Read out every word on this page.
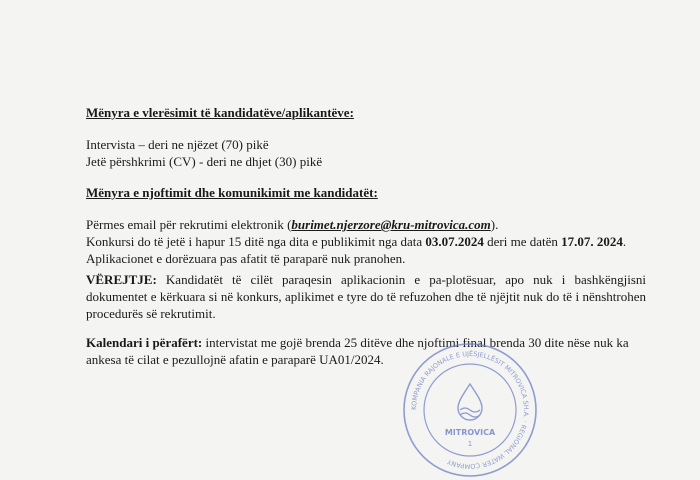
Mënyra e vlerësimit të kandidatëve/aplikantëve:
Intervista – deri ne njëzet (70) pikë
Jetë përshkrimi (CV) - deri ne dhjet (30) pikë
Mënyra e njoftimit dhe komunikimit me kandidatët:
Përmes email për rekrutimi elektronik (burimet.njerzore@kru-mitrovica.com).
Konkursi do të jetë i hapur 15 ditë nga dita e publikimit nga data 03.07.2024 deri me datën 17.07. 2024. Aplikacionet e dorëzuara pas afatit të paraparë nuk pranohen.
VËREJTJE: Kandidatët të cilët paraqesin aplikacionin e pa-plotësuar, apo nuk i bashkëngjisni dokumentet e kërkuara si në konkurs, aplikimet e tyre do të refuzohen dhe të njëjtit nuk do të i nënshtrohen procedurës së rekrutimit.
Kalendari i përafërt: intervistat me gojë brenda 25 ditëve dhe njoftimi final brenda 30 dite nëse nuk ka ankesa të cilat e pezullojnë afatin e paraparë UA01/2024.
KOMPANIA RAJONALE E UJËSJELLËSIT MITROVICA SH.A. · REGIONAL WATER COMPANY
MITROVICA
1
